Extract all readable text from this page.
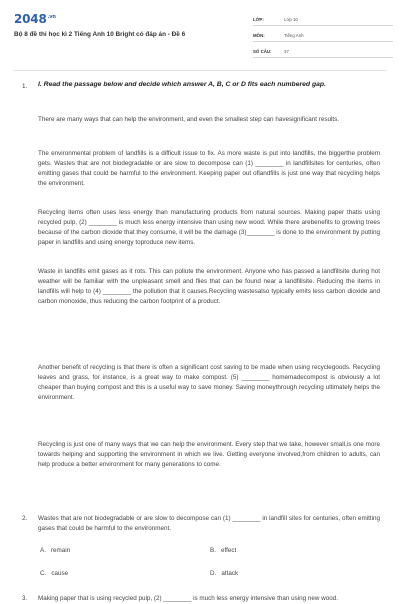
$2048^{.vn}$
Bộ 8 đề thi học kì 2 Tiếng Anh 10 Bright có đáp án - Đề 6
LỚP:	Lớp 10
MÔN:	Tiếng Anh
SỐ CÂU:	37
1. I. Read the passage below and decide which answer A, B, C or D fits each numbered gap.
There are many ways that can help the environment, and even the smallest step can havesignificant results.
The environmental problem of landfills is a difficult issue to fix. As more waste is put into landfills, the biggerthe problem gets. Wastes that are not biodegradable or are slow to decompose can (1) ________ in landfillsites for centuries, often emitting gases that could be harmful to the environment. Keeping paper out oflandfills is just one way that recycling helps the environment.
Recycling items often uses less energy than manufacturing products from natural sources. Making paper thatis using recycled pulp, (2) ________ is much less energy intensive than using new wood. While there arebenefits to growing trees because of the carbon dioxide that they consume, it will be the damage (3)________ is done to the environment by putting paper in landfills and using energy toproduce new items.
Waste in landfills emit gases as it rots. This can pollute the environment. Anyone who has passed a landfillsite during hot weather will be familiar with the unpleasant smell and flies that can be found near a landfillsite. Reducing the items in landfills will help to (4) ________ the pollution that it causes.Recycling wastesalso typically emits less carbon dioxide and carbon monoxide, thus reducing the carbon footprint of a product.
Another benefit of recycling is that there is often a significant cost saving to be made when using recyclegoods. Recycling leaves and grass, for instance, is a great way to make compost. (5) ________ homemadecompost is obviously a lot cheaper than buying compost and this is a useful way to save money. Saving moneythrough recycling ultimately helps the environment.
Recycling is just one of many ways that we can help the environment. Every step that we take, however small,is one more towards helping and supporting the environment in which we live. Getting everyone involved,from children to adults, can help produce a better environment for many generations to come.
2. Wastes that are not biodegradable or are slow to decompose can (1) ________ in landfill sites for centuries, often emitting gases that could be harmful to the environment.
A. remain	B. effect
C. cause	D. attack
3. Making paper that is using recycled pulp, (2) ________ is much less energy intensive than using new wood.
